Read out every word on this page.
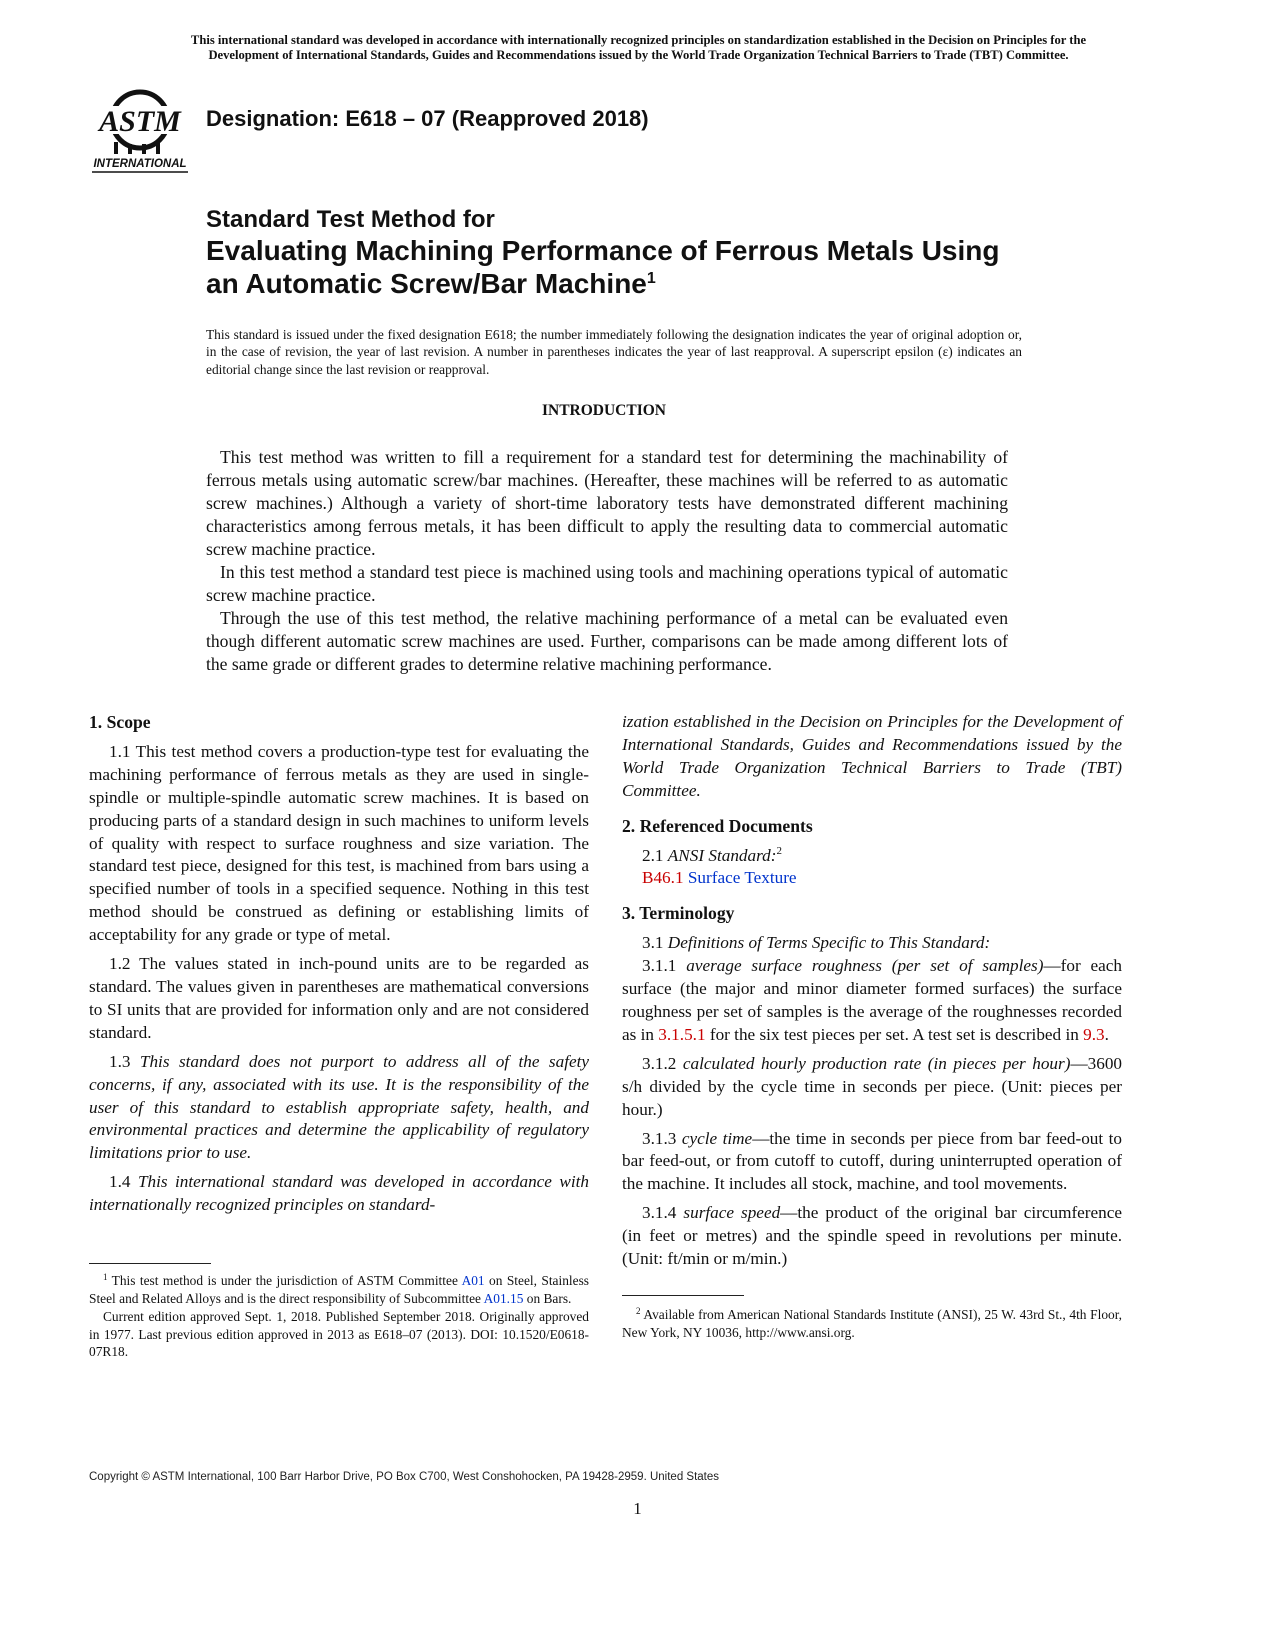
This international standard was developed in accordance with internationally recognized principles on standardization established in the Decision on Principles for the
Development of International Standards, Guides and Recommendations issued by the World Trade Organization Technical Barriers to Trade (TBT) Committee.
ASTM
INTERNATIONAL
Designation: E618 – 07 (Reapproved 2018)
Standard Test Method for
Evaluating Machining Performance of Ferrous Metals Using
an Automatic Screw/Bar Machine$^1$
This standard is issued under the fixed designation E618; the number immediately following the designation indicates the year of original adoption or, in the case of revision, the year of last revision. A number in parentheses indicates the year of last reapproval. A superscript epsilon (ε) indicates an editorial change since the last revision or reapproval.
INTRODUCTION

This test method was written to fill a requirement for a standard test for determining the machinability of ferrous metals using automatic screw/bar machines. (Hereafter, these machines will be referred to as automatic screw machines.) Although a variety of short-time laboratory tests have demonstrated different machining characteristics among ferrous metals, it has been difficult to apply the resulting data to commercial automatic screw machine practice.

In this test method a standard test piece is machined using tools and machining operations typical of automatic screw machine practice.

Through the use of this test method, the relative machining performance of a metal can be evaluated even though different automatic screw machines are used. Further, comparisons can be made among different lots of the same grade or different grades to determine relative machining performance.

1. Scope

1.1 This test method covers a production-type test for evaluating the machining performance of ferrous metals as they are used in single-spindle or multiple-spindle automatic screw machines. It is based on producing parts of a standard design in such machines to uniform levels of quality with respect to surface roughness and size variation. The standard test piece, designed for this test, is machined from bars using a specified number of tools in a specified sequence. Nothing in this test method should be construed as defining or establishing limits of acceptability for any grade or type of metal.

1.2 The values stated in inch-pound units are to be regarded as standard. The values given in parentheses are mathematical conversions to SI units that are provided for information only and are not considered standard.

1.3 This standard does not purport to address all of the safety concerns, if any, associated with its use. It is the responsibility of the user of this standard to establish appropriate safety, health, and environmental practices and determine the applicability of regulatory limitations prior to use.

1.4 This international standard was developed in accordance with internationally recognized principles on standard-

$^1$ This test method is under the jurisdiction of ASTM Committee A01 on Steel, Stainless Steel and Related Alloys and is the direct responsibility of Subcommittee A01.15 on Bars.

Current edition approved Sept. 1, 2018. Published September 2018. Originally approved in 1977. Last previous edition approved in 2013 as E618–07 (2013). DOI: 10.1520/E0618-07R18.

ization established in the Decision on Principles for the Development of International Standards, Guides and Recommendations issued by the World Trade Organization Technical Barriers to Trade (TBT) Committee.

2. Referenced Documents

2.1 ANSI Standard:$^2$

B46.1 Surface Texture

3. Terminology

3.1 Definitions of Terms Specific to This Standard:

3.1.1 average surface roughness (per set of samples)—for each surface (the major and minor diameter formed surfaces) the surface roughness per set of samples is the average of the roughnesses recorded as in 3.1.5.1 for the six test pieces per set. A test set is described in 9.3.

3.1.2 calculated hourly production rate (in pieces per hour)—3600 s/h divided by the cycle time in seconds per piece. (Unit: pieces per hour.)

3.1.3 cycle time—the time in seconds per piece from bar feed-out to bar feed-out, or from cutoff to cutoff, during uninterrupted operation of the machine. It includes all stock, machine, and tool movements.

3.1.4 surface speed—the product of the original bar circumference (in feet or metres) and the spindle speed in revolutions per minute. (Unit: ft/min or m/min.)

$^2$ Available from American National Standards Institute (ANSI), 25 W. 43rd St., 4th Floor, New York, NY 10036, http://www.ansi.org.

Copyright © ASTM International, 100 Barr Harbor Drive, PO Box C700, West Conshohocken, PA 19428-2959. United States
1
